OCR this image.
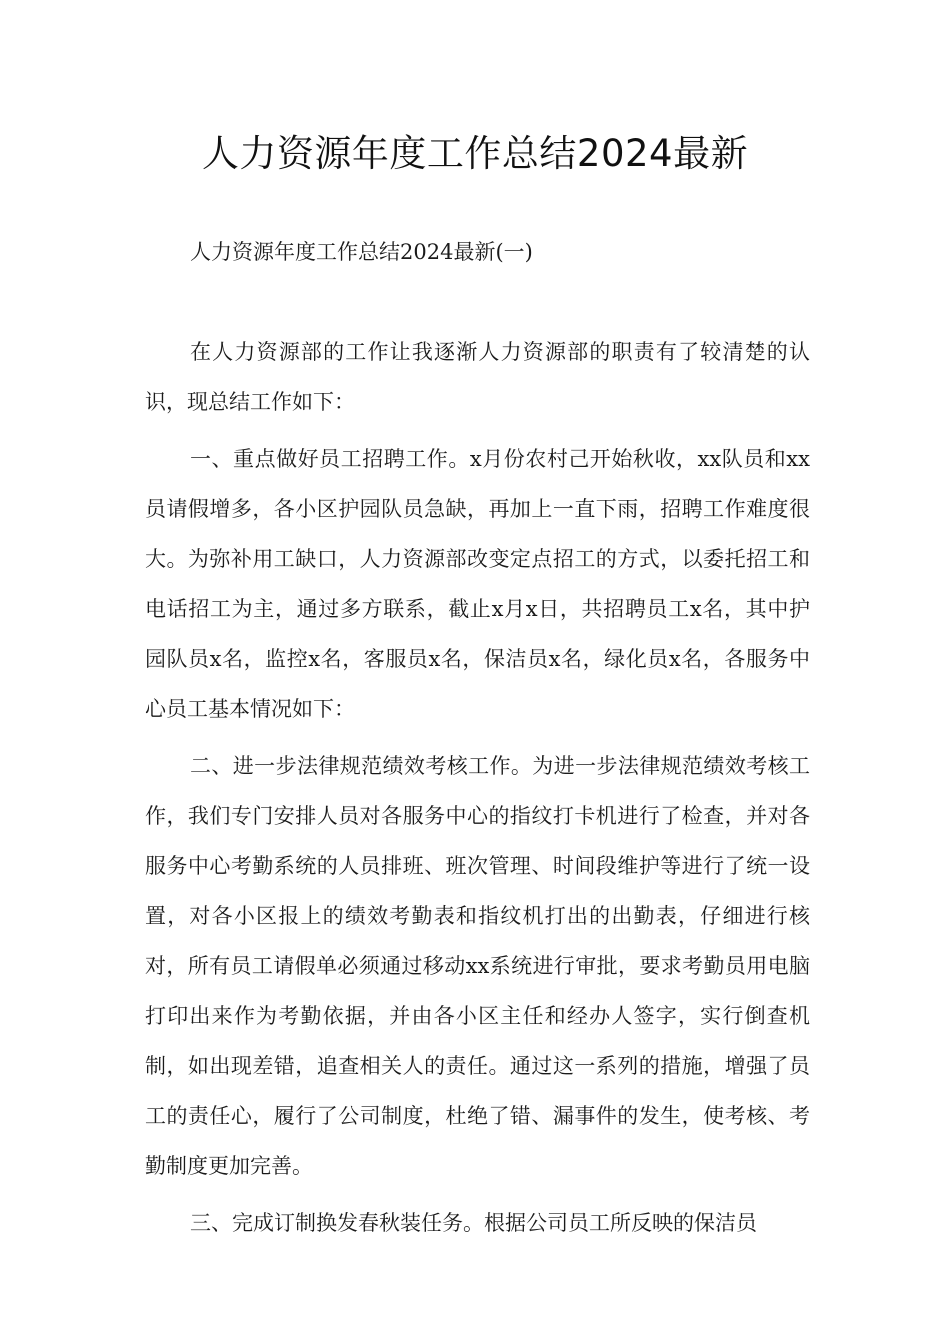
人力资源年度工作总结2024最新

人力资源年度工作总结2024最新(一)

在人力资源部的工作让我逐渐人力资源部的职责有了较清楚的认识，现总结工作如下：

一、重点做好员工招聘工作。x月份农村己开始秋收，xx队员和xx员请假增多，各小区护园队员急缺，再加上一直下雨，招聘工作难度很大。为弥补用工缺口，人力资源部改变定点招工的方式，以委托招工和电话招工为主，通过多方联系，截止x月x日，共招聘员工x名，其中护园队员x名，监控x名，客服员x名，保洁员x名，绿化员x名，各服务中心员工基本情况如下：

二、进一步法律规范绩效考核工作。为进一步法律规范绩效考核工作，我们专门安排人员对各服务中心的指纹打卡机进行了检查，并对各服务中心考勤系统的人员排班、班次管理、时间段维护等进行了统一设置，对各小区报上的绩效考勤表和指纹机打出的出勤表，仔细进行核对，所有员工请假单必须通过移动xx系统进行审批，要求考勤员用电脑打印出来作为考勤依据，并由各小区主任和经办人签字，实行倒查机制，如出现差错，追查相关人的责任。通过这一系列的措施，增强了员工的责任心，履行了公司制度，杜绝了错、漏事件的发生，使考核、考勤制度更加完善。

三、完成订制换发春秋装任务。根据公司员工所反映的保洁员
